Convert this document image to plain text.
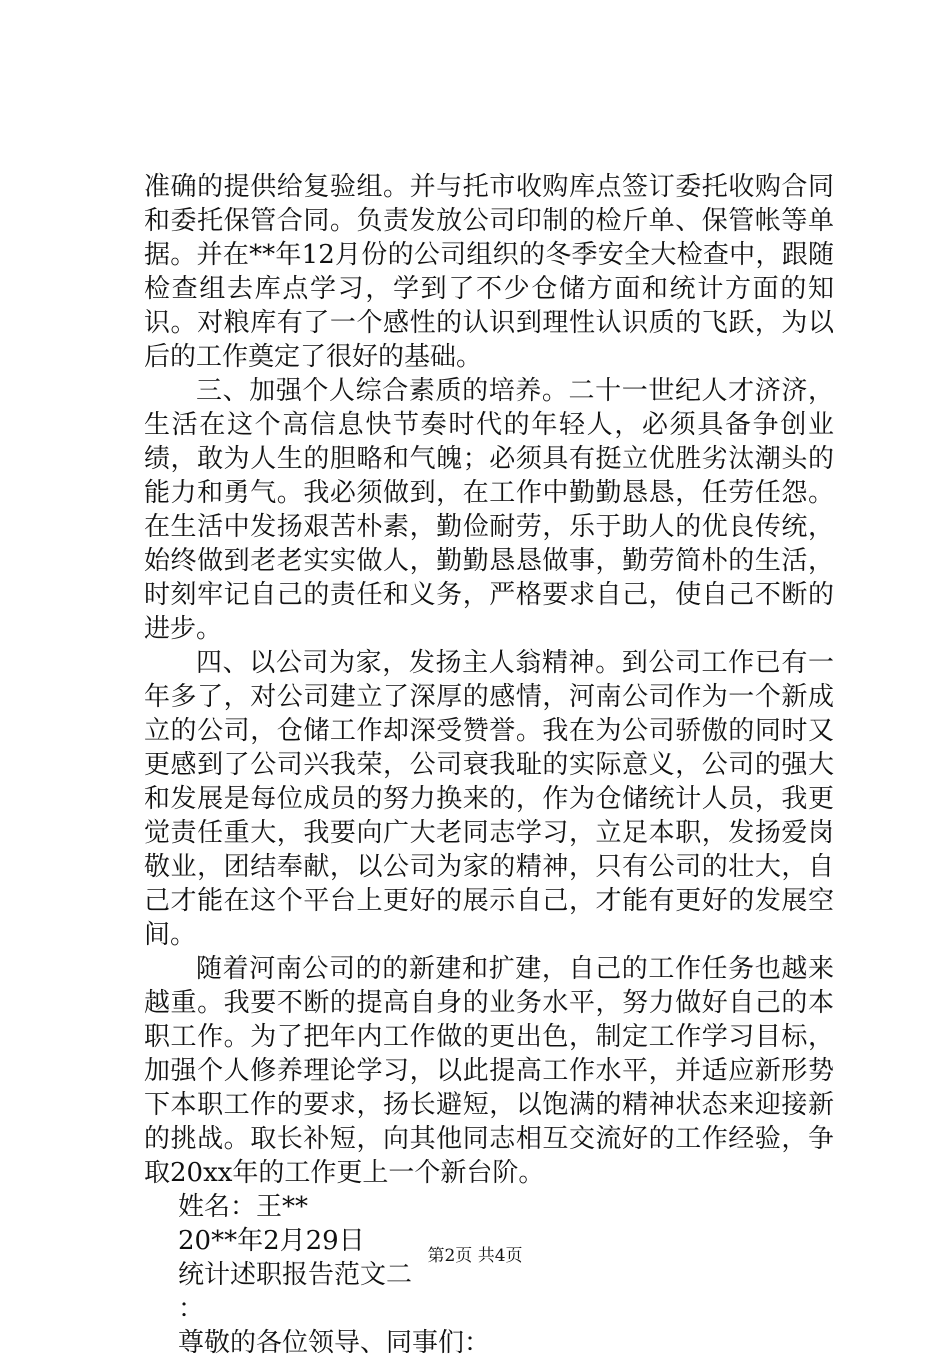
准确的提供给复验组。并与托市收购库点签订委托收购合同和委托保管合同。负责发放公司印制的检斤单、保管帐等单据。并在**年12月份的公司组织的冬季安全大检查中，跟随检查组去库点学习，学到了不少仓储方面和统计方面的知识。对粮库有了一个感性的认识到理性认识质的飞跃，为以后的工作奠定了很好的基础。

三、加强个人综合素质的培养。二十一世纪人才济济，生活在这个高信息快节奏时代的年轻人，必须具备争创业绩，敢为人生的胆略和气魄；必须具有挺立优胜劣汰潮头的能力和勇气。我必须做到，在工作中勤勤恳恳，任劳任怨。在生活中发扬艰苦朴素，勤俭耐劳，乐于助人的优良传统，始终做到老老实实做人，勤勤恳恳做事，勤劳简朴的生活，时刻牢记自己的责任和义务，严格要求自己，使自己不断的进步。

四、以公司为家，发扬主人翁精神。到公司工作已有一年多了，对公司建立了深厚的感情，河南公司作为一个新成立的公司，仓储工作却深受赞誉。我在为公司骄傲的同时又更感到了公司兴我荣，公司衰我耻的实际意义，公司的强大和发展是每位成员的努力换来的，作为仓储统计人员，我更觉责任重大，我要向广大老同志学习，立足本职，发扬爱岗敬业，团结奉献，以公司为家的精神，只有公司的壮大，自己才能在这个平台上更好的展示自己，才能有更好的发展空间。

随着河南公司的的新建和扩建，自己的工作任务也越来越重。我要不断的提高自身的业务水平，努力做好自己的本职工作。为了把年内工作做的更出色，制定工作学习目标，加强个人修养理论学习，以此提高工作水平，并适应新形势下本职工作的要求，扬长避短，以饱满的精神状态来迎接新的挑战。取长补短，向其他同志相互交流好的工作经验，争取20xx年的工作更上一个新台阶。

姓名：王**

20**年2月29日

统计述职报告范文二

：

尊敬的各位领导、同事们：

第2页 共4页
